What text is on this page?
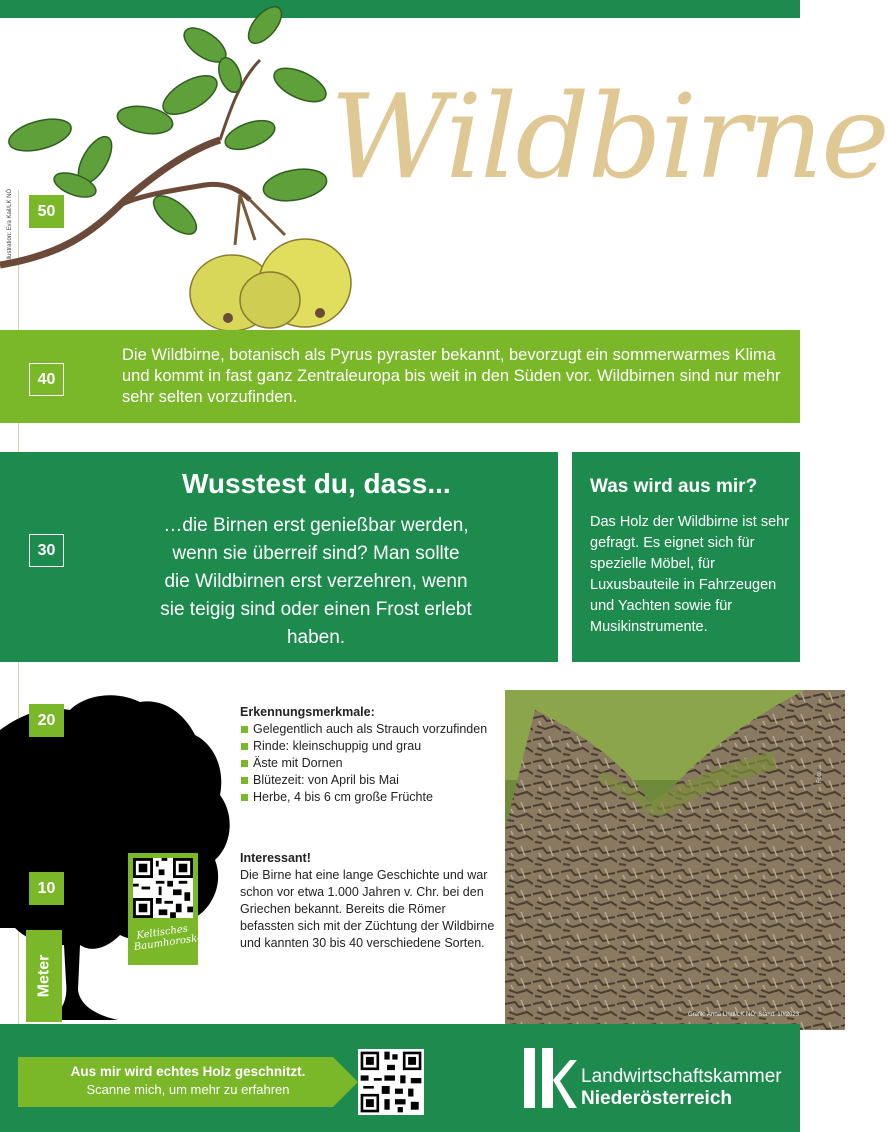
Illustration: Eva Kail/LK NÖ
Wildbirne
50

Die Wildbirne, botanisch als Pyrus pyraster bekannt, bevorzugt ein sommerwarmes Klima und kommt in fast ganz Zentraleuropa bis weit in den Süden vor. Wildbirnen sind nur mehr sehr selten vorzufinden.

40
Wusstest du, dass...

…die Birnen erst genießbar werden, wenn sie überreif sind? Man sollte die Wildbirnen erst verzehren, wenn sie teigig sind oder einen Frost erlebt haben.

30
Was wird aus mir?

Das Holz der Wildbirne ist sehr gefragt. Es eignet sich für spezielle Möbel, für Luxusbauteile in Fahrzeugen und Yachten sowie für Musikinstrumente.

20
10
Meter
Keltisches Baumhoroskop
Erkennungsmerkmale:
Gelegentlich auch als Strauch vorzufinden
Rinde: kleinschuppig und grau
Äste mit Dornen
Blütezeit: von April bis Mai
Herbe, 4 bis 6 cm große Früchte
Interessant!

Die Birne hat eine lange Geschichte und war schon vor etwa 1.000 Jahren v. Chr. bei den Griechen bekannt. Bereits die Römer befassten sich mit der Züchtung der Wildbirne und kannten 30 bis 40 verschiedene Sorten.

Foto: ...
Grafik: Anna Lindl/LK NÖ; Stand: 10/2023
Aus mir wird echtes Holz geschnitzt.
Scanne mich, um mehr zu erfahren
Landwirtschaftskammer
Niederösterreich
